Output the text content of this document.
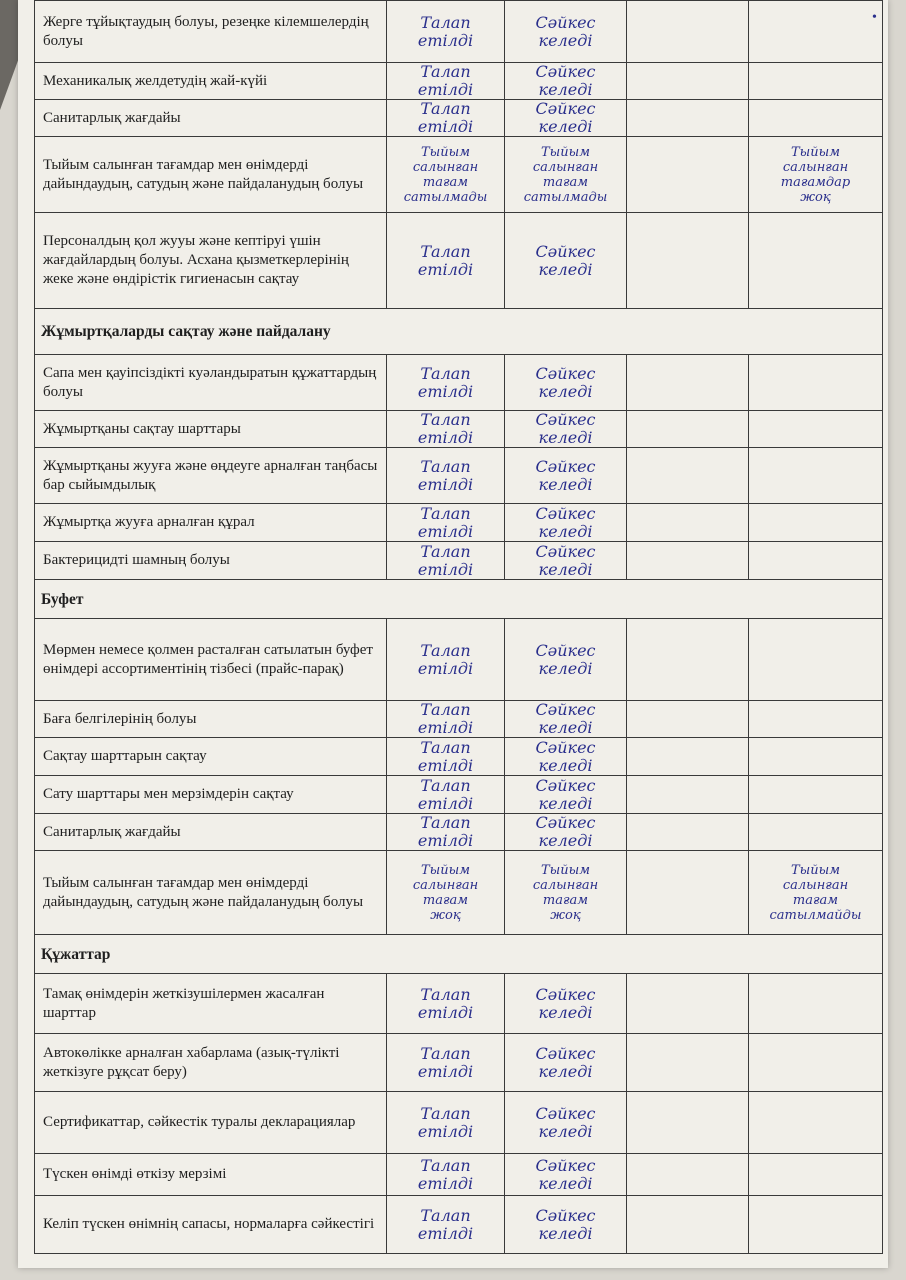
Жерге тұйықтаудың болуы, резеңке кілемшелердің болуы	Талап
етілді	Сәйкес
келеді		

Механикалық желдетудің жай-күйі	Талап
етілді	Сәйкес
келеді		

Санитарлық жағдайы	Талап
етілді	Сәйкес
келеді		

Тыйым салынған тағамдар мен өнімдерді дайындаудың, сатудың және пайдаланудың болуы	Тыйым
салынған
тағам
сатылмады	Тыйым
салынған
тағам
сатылмады		Тыйым
салынған
тағамдар
жоқ

Персоналдың қол жууы және кептіруі үшін жағдайлардың болуы. Асхана қызметкерлерінің жеке және өндірістік гигиенасын сақтау	Талап
етілді	Сәйкес
келеді		

Жұмыртқаларды сақтау және пайдалану				
Сапа мен қауіпсіздікті куәландыратын құжаттардың болуы	Талап
етілді	Сәйкес
келеді		

Жұмыртқаны сақтау шарттары	Талап
етілді	Сәйкес
келеді		

Жұмыртқаны жууға және өңдеуге арналған таңбасы бар сыйымдылық	Талап
етілді	Сәйкес
келеді		

Жұмыртқа жууға арналған құрал	Талап
етілді	Сәйкес
келеді		

Бактерицидті шамның болуы	Талап
етілді	Сәйкес
келеді		

Буфет				
Мөрмен немесе қолмен расталған сатылатын буфет өнімдері ассортиментінің тізбесі (прайс-парақ)	Талап
етілді	Сәйкес
келеді		

Баға белгілерінің болуы	Талап
етілді	Сәйкес
келеді		

Сақтау шарттарын сақтау	Талап
етілді	Сәйкес
келеді		

Сату шарттары мен мерзімдерін сақтау	Талап
етілді	Сәйкес
келеді		

Санитарлық жағдайы	Талап
етілді	Сәйкес
келеді		

Тыйым салынған тағамдар мен өнімдерді дайындаудың, сатудың және пайдаланудың болуы	Тыйым
салынған
тағам
жоқ	Тыйым
салынған
тағам
жоқ		Тыйым
салынған
тағам
сатылмайды

Құжаттар				
Тамақ өнімдерін жеткізушілермен жасалған шарттар	Талап
етілді	Сәйкес
келеді		

Автокөлікке арналған хабарлама (азық-түлікті жеткізуге рұқсат беру)	Талап
етілді	Сәйкес
келеді		

Сертификаттар, сәйкестік туралы декларациялар	Талап
етілді	Сәйкес
келеді		

Түскен өнімді өткізу мерзімі	Талап
етілді	Сәйкес
келеді		

Келіп түскен өнімнің сапасы, нормаларға сәйкестігі	Талап
етілді	Сәйкес
келеді		

•
